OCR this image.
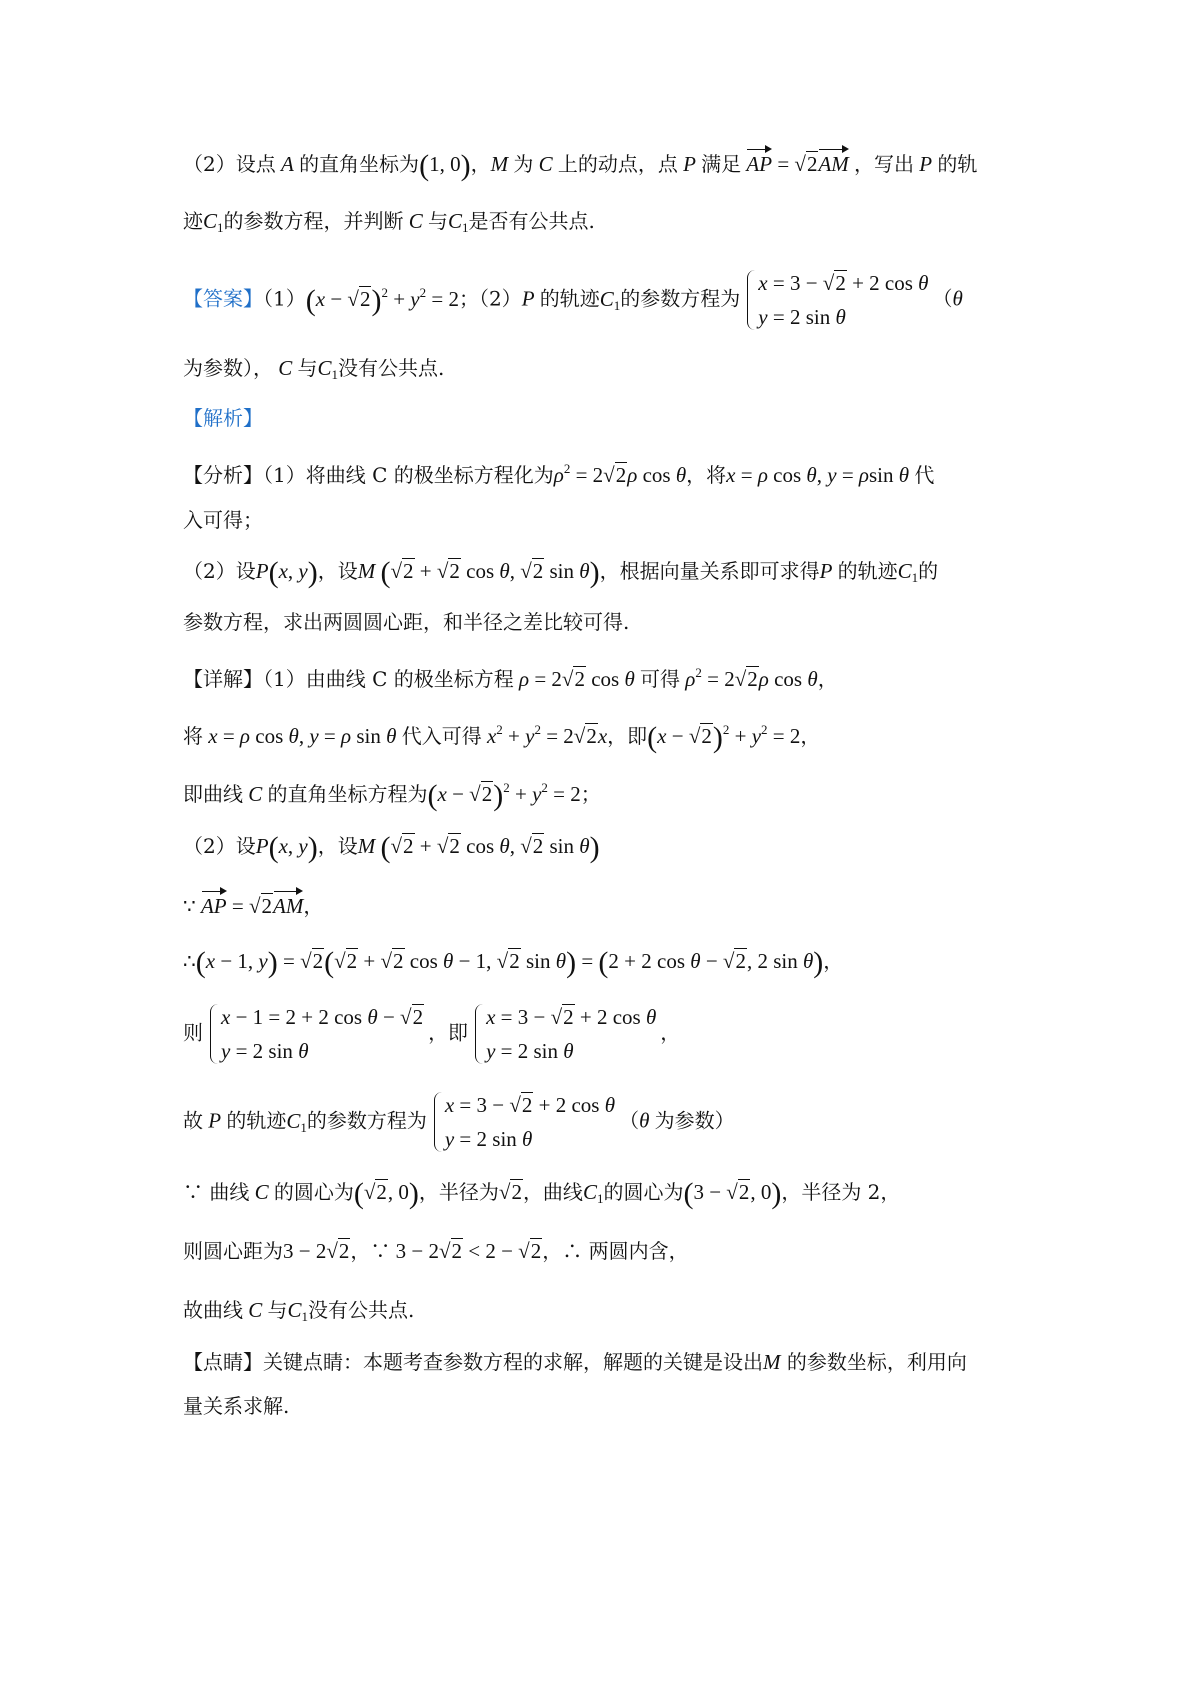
（2）设点 A 的直角坐标为(1, 0)，M 为 C 上的动点，点 P 满足 AP = √2AM ，写出 P 的轨
迹$C_1$的参数方程，并判断 C 与$C_1$是否有公共点.
【答案】$(1)(x - √2)^2 + y^2 = 2$；（2）P 的轨迹$C_1$的参数方程为
x = 3 − √2 + 2 cos θ
y = 2 sin θ
（θ
为参数）， C 与$C_1$没有公共点.
【解析】
【分析】（1）将曲线 C 的极坐标方程化为$\rho^2 = 2√2\rho$ cos θ，将x = ρ cos θ, y = ρsin θ 代
入可得；
（2）设P(x, y)，设M (√2 + √2 cos θ, √2 sin θ)，根据向量关系即可求得P 的轨迹$C_1$的
参数方程，求出两圆圆心距，和半径之差比较可得.
【详解】（1）由曲线 C 的极坐标方程 ρ = 2√2 cos θ 可得 $\rho^2 = 2√2\rho$ cos θ，
将 x = ρ cos θ, y = ρ sin θ 代入可得 $x^2 + y^2 = 2√2x$，即$(x - √2)^2 + y^2 = 2$，
即曲线 C 的直角坐标方程为$(x - √2)^2 + y^2 = 2$；
（2）设P(x, y)，设M (√2 + √2 cos θ, √2 sin θ)
∵ AP = √2AM，
∴(x − 1, y) = √2(√2 + √2 cos θ − 1, √2 sin θ) = (2 + 2 cos θ − √2, 2 sin θ)，
则
x − 1 = 2 + 2 cos θ − √2
y = 2 sin θ
，即
x = 3 − √2 + 2 cos θ
y = 2 sin θ
，
故 P 的轨迹$C_1$的参数方程为
x = 3 − √2 + 2 cos θ
y = 2 sin θ
（θ 为参数）
∵ 曲线 C 的圆心为(√2, 0)，半径为√2，曲线$C_1$的圆心为(3 − √2, 0)，半径为 2，
则圆心距为3 − 2√2，∵ 3 − 2√2 < 2 − √2，∴ 两圆内含，
故曲线 C 与$C_1$没有公共点.
【点睛】关键点睛：本题考查参数方程的求解，解题的关键是设出M 的参数坐标，利用向
量关系求解.
